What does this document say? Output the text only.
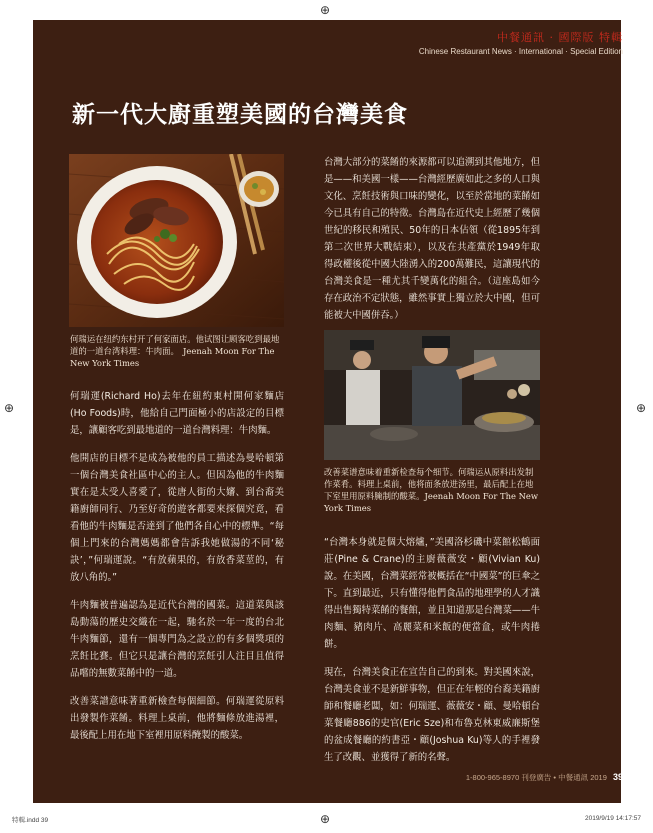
⊕
⊕	⊕
中餐通訊 · 國際版 特輯
Chinese Restaurant News · International · Special Edition
新一代大廚重塑美國的台灣美食
何瑞运在纽约东村开了何家面店。他试图让顾客吃到最地道的一道台湾料理：牛肉面。　Jeenah Moon For The New York Times
改善菜谱意味着重新检查每个细节。何瑞运从原料出发制作菜肴。料理上桌前，他将面条放进汤里，最后配上在地下室里用原料腌制的酸菜。Jeenah Moon For The New York Times

何瑞運(Richard Ho)去年在紐約東村開何家麵店(Ho Foods)時，他給自己門面極小的店設定的目標是，讓顧客吃到最地道的一道台灣料理：牛肉麵。

他開店的目標不是成為被他的員工描述為曼哈頓第一個台灣美食社區中心的主人。但因為他的牛肉麵實在是太受人喜愛了，從唐人街的大嬸、到台裔美籍廚師同行、乃至好奇的遊客都要來探個究竟，看看他的牛肉麵是否達到了他們各自心中的標準。“每個上門來的台灣媽媽都會告訴我她做湯的不同‘秘訣’，”何瑞運說。“有放蘋果的，有放香菜莖的，有放八角的。”

牛肉麵被普遍認為是近代台灣的國菜。這道菜與該島動蕩的歷史交織在一起，馳名於一年一度的台北牛肉麵節，還有一個專門為之設立的有多個獎項的烹飪比賽。但它只是讓台灣的烹飪引人注目且值得品嚐的無數菜餚中的一道。

改善菜譜意味著重新檢查每個細節。何瑞運從原料出發製作菜餚。料理上桌前，他將麵條放進湯裡，最後配上用在地下室裡用原料醃製的酸菜。

台灣大部分的菜餚的來源都可以追溯到其他地方，但是——和美國一樣——台灣經歷廣如此之多的人口與文化、烹飪技術與口味的變化，以至於當地的菜餚如今已具有自己的特徵。台灣島在近代史上經歷了幾個世紀的移民和殖民、50年的日本佔領（從1895年到第二次世界大戰結束），以及在共產黨於1949年取得政權後從中國大陸湧入的200萬難民，這讓現代的台灣美食是一種尤其千變萬化的組合。（這座島如今存在政治不定狀態，雖然事實上獨立於大中國，但可能被大中國併吞。）

“台灣本身就是個大熔爐，”美國洛杉磯中菜館松鶴面莊(Pine & Crane)的主廚薇薇安・顧(Vivian Ku)說。在美國，台灣菜經常被概括在“中國菜”的巨傘之下。直到最近，只有懂得他們食品的地理學的人才識得出售獨特菜餚的餐館，並且知道那是台灣菜——牛肉麵、豬肉片、高麗菜和米飯的便當盒，或牛肉捲餅。

現在，台灣美食正在宣告自己的到來。對美國來說，台灣美食並不是新鮮事物，但正在年輕的台裔美籍廚師和餐廳老闆，如：何瑞運、薇薇安・顧、曼哈頓台菜餐廳886的史官(Eric Sze)和布魯克林東威廉斯堡的盆成餐廳的約書亞・顧(Joshua Ku)等人的手裡發生了改觀、並獲得了新的名聲。

1-800-965-8970 刊登廣告 • 中餐通訊 2019 39
⊕
特輯.indd 39	2019/9/19 14:17:57
